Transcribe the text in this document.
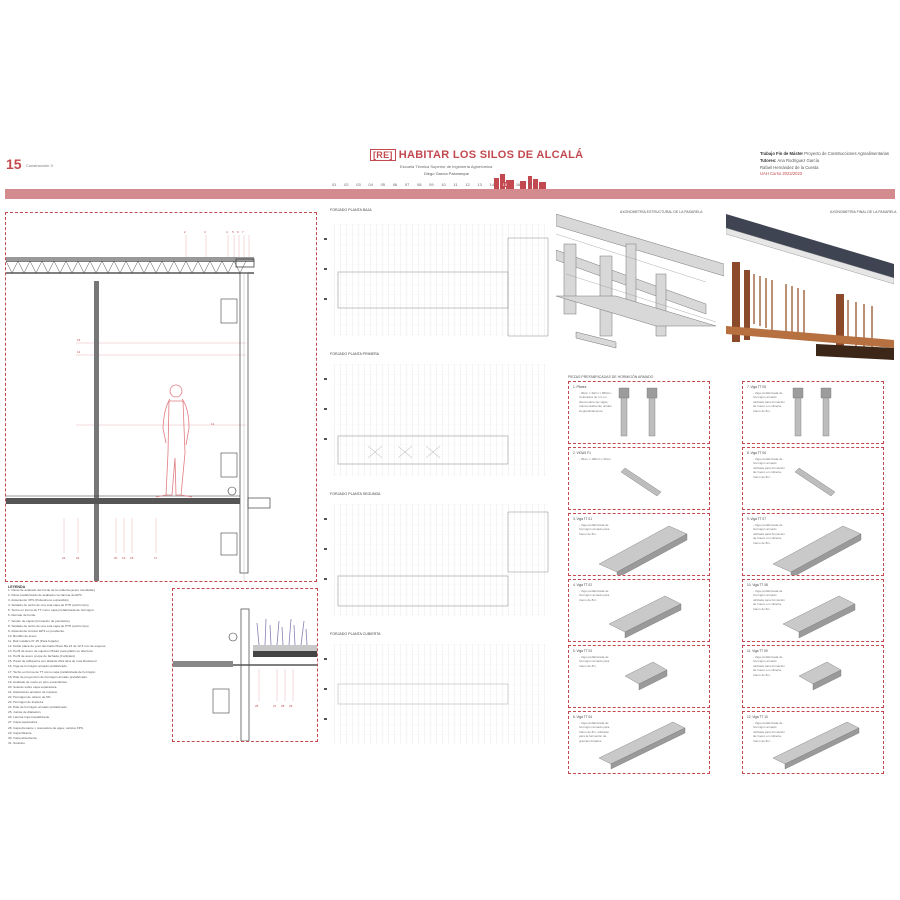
15 Construcción 3
[RE] HABITAR LOS SILOS DE ALCALÁ
Escuela Técnica Superior de Ingeniería Agronómica
Diego García Palomeque
Trabajo Fin de Máster Proyecto de Construcciones Agroalimentarias
Tutores: Ana Rodríguez García
Rafael Hernández de la Cuesta
UAH Curso 2022/2023
01 02 03 04 05 06 07 08 09 10 11 12 13 14 15 16 17
2	3	4 5 6 7
15
13
12
23	22	20 19 18	17
LEYENDA
1. Panel de acabado del borde de la cubierta (acero inoxidable)
2. Panel prefabricado de acabado con lámina de EPS.
3. Aislamiento XPS (Poliestireno expandido)
4. Soldado de techo de una sola capa de PTH (ancho tipo)
5. Techo en forma de TT como capa prefabricada de hormigón.
6. Remate de borde
7. Sostén de capas (formación de pendiente)
8. Soldado de techo de una sola capa de PTH (ancho tipo)
9. Aislamiento térmico EPS en pendiente.
10. Bordillo de acero.
11. Rail metálico Pr 45 (Para forjado)
12. Doble placa de yeso laminado Placo Ba 13 de 12,5 mm de espesor.
13. Perfil de acero de sujeción Pladur para plafón en abertura
14. Perfil de acero a tope de fachada (Cortiplast)
15. Panel de tabiquería con aislante fibra lana de roca Rockwool
16. Viga de hormigón armado prefabricado.
17. Techo en forma de TT como capa prefabricada de hormigón
18. Pilar de proyección de hormigón armado prefabricado.
19. Acabado de suelo en pino escandinavo.
20. Soleras sobre capa separadora.
21. Aislamiento acústico de impacto.
22. Hormigón de relleno de 5%.
23. Hormigón de limpieza.
24. Pilar de hormigón armado prefabricado.
25. Juntas de dilatación.
26. Lámina impermeabilizante.
27. Capa separadora.
28. Capa drenante y retenedora de agua, Lámina XPS.
29. Capa filtrante.
30. Capa absorbente.
31. Sustrato.
25	27 28 29
FORJADO PLANTA BAJA
FORJADO PLANTA PRIMERA
FORJADO PLANTA SEGUNDA
FORJADO PLANTA CUBIERTA
AXONOMETRÍA ESTRUCTURAL DE LA PASARELA	AXONOMETRÍA FINAL DE LA PASARELA
PIEZAS PREFABRICADAS DE HORMIGÓN ARMADO
1. Pilares
- 30cm x 30cm x 950cm - Colocados de 1m en altura sobre las vigas, transversalmente unidos longitudinalmente.
2. VIGAS F1
- 30cm x 180cm x 30cm
3. Viga TT 01
- Viga prefabricada de hormigón armado para tramo de 8m.
4. Viga TT 02
- Viga prefabricada de hormigón armado para tramo de 8m.
5. Viga TT 03
- Viga prefabricada de hormigón armado para tramo de 8m.
6. Viga TT 04
- Viga prefabricada de hormigón armado para tramo de 8m, utilizada para la formación de grandes forjados.
7. Viga TT 05
- Viga prefabricada de hormigón armado utilizada para formación de hueco en cubierta, tramo de 8m.
8. Viga TT 06
- Viga prefabricada de hormigón armado utilizada para formación de hueco en cubierta, tramo de 8m.
9. Viga TT 07
- Viga prefabricada de hormigón armado utilizada para formación de hueco en cubierta, tramo de 8m.
10. Viga TT 08
- Viga prefabricada de hormigón armado utilizada para formación de hueco en cubierta, tramo de 8m.
11. Viga TT 09
- Viga prefabricada de hormigón armado utilizada para formación de hueco en cubierta, tramo de 8m.
12. Viga TT 10
- Viga prefabricada de hormigón armado utilizada para formación de hueco en cubierta, tramo de 8m.
